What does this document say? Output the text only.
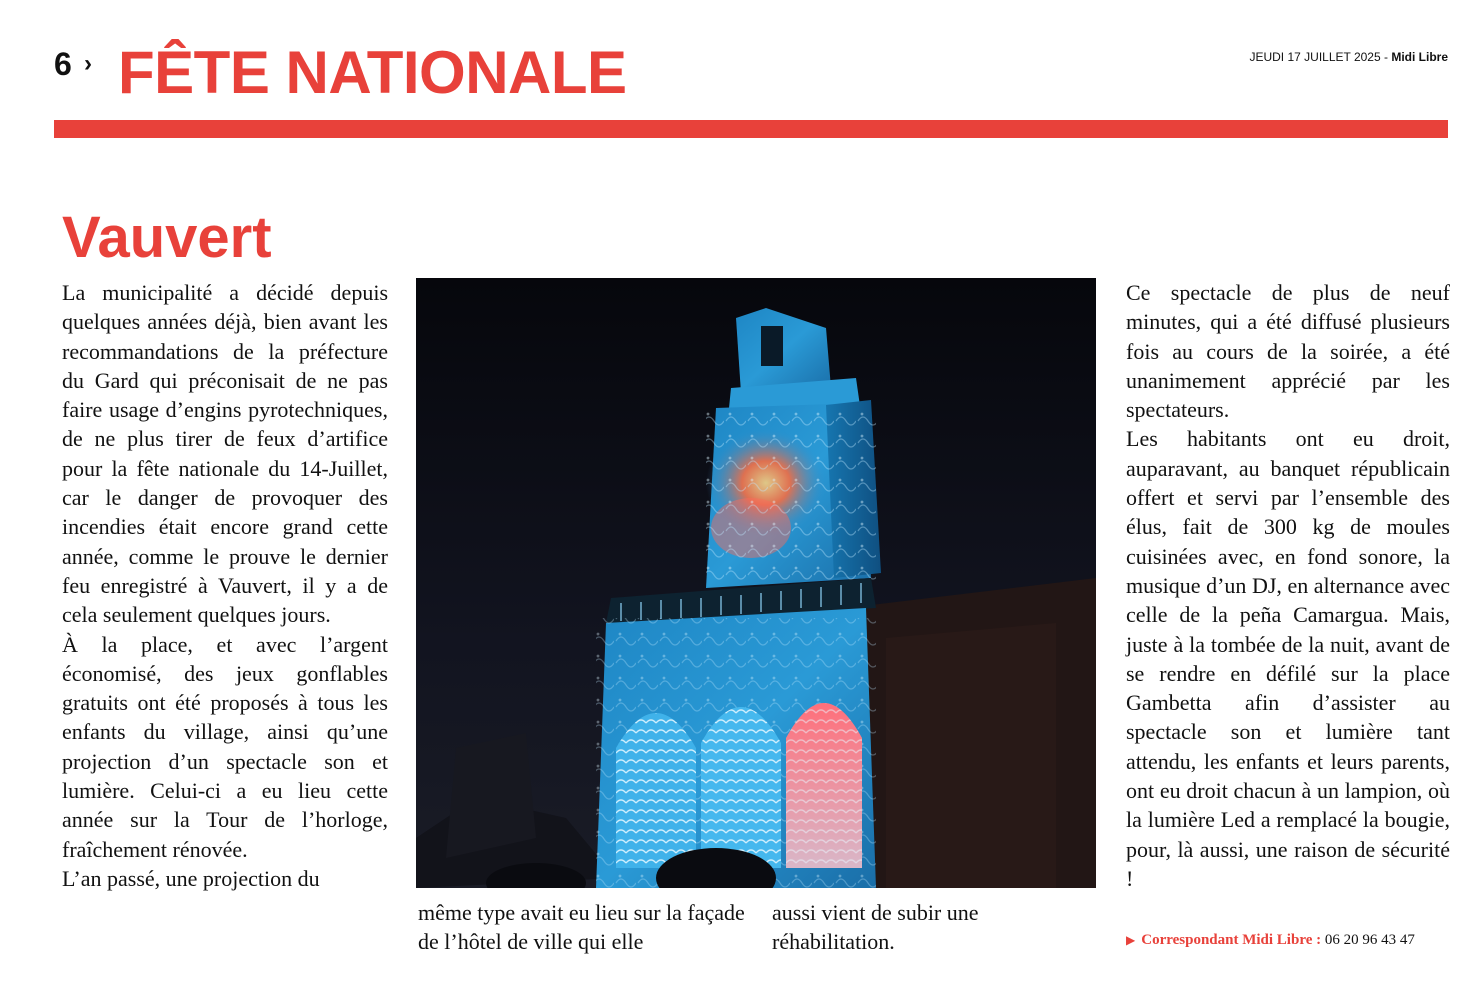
6 › FÊTE NATIONALE	JEUDI 17 JUILLET 2025 - Midi Libre
Vauvert

La municipalité a décidé depuis quelques années déjà, bien avant les recommandations de la préfecture du Gard qui préconisait de ne pas faire usage d’engins pyrotechniques, de ne plus tirer de feux d’artifice pour la fête nationale du 14-Juillet, car le danger de provoquer des incendies était encore grand cette année, comme le prouve le dernier feu enregistré à Vauvert, il y a de cela seulement quelques jours.

À la place, et avec l’argent économisé, des jeux gonflables gratuits ont été proposés à tous les enfants du village, ainsi qu’une projection d’un spectacle son et lumière. Celui-ci a eu lieu cette année sur la Tour de l’horloge, fraîchement rénovée.

L’an passé, une projection du

même type avait eu lieu sur la façade de l’hôtel de ville qui elle

aussi vient de subir une réhabilitation.

Ce spectacle de plus de neuf minutes, qui a été diffusé plusieurs fois au cours de la soirée, a été unanimement apprécié par les spectateurs.

Les habitants ont eu droit, auparavant, au banquet républicain offert et servi par l’ensemble des élus, fait de 300 kg de moules cuisinées avec, en fond sonore, la musique d’un DJ, en alternance avec celle de la peña Camargua. Mais, juste à la tombée de la nuit, avant de se rendre en défilé sur la place Gambetta afin d’assister au spectacle son et lumière tant attendu, les enfants et leurs parents, ont eu droit chacun à un lampion, où la lumière Led a remplacé la bougie, pour, là aussi, une raison de sécurité !

▶ Correspondant Midi Libre : 06 20 96 43 47
